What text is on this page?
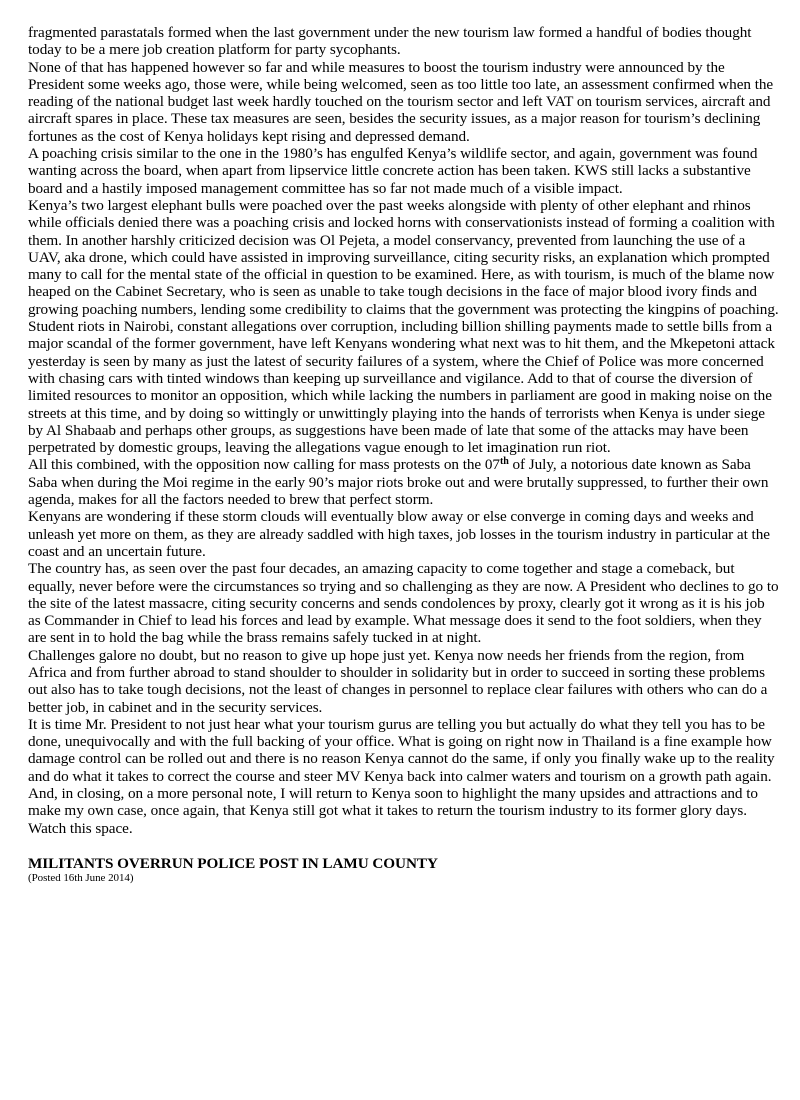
fragmented parastatals formed when the last government under the new tourism law formed a handful of bodies thought today to be a mere job creation platform for party sycophants.

None of that has happened however so far and while measures to boost the tourism industry were announced by the President some weeks ago, those were, while being welcomed, seen as too little too late, an assessment confirmed when the reading of the national budget last week hardly touched on the tourism sector and left VAT on tourism services, aircraft and aircraft spares in place. These tax measures are seen, besides the security issues, as a major reason for tourism’s declining fortunes as the cost of Kenya holidays kept rising and depressed demand.

A poaching crisis similar to the one in the 1980’s has engulfed Kenya’s wildlife sector, and again, government was found wanting across the board, when apart from lipservice little concrete action has been taken. KWS still lacks a substantive board and a hastily imposed management committee has so far not made much of a visible impact.

Kenya’s two largest elephant bulls were poached over the past weeks alongside with plenty of other elephant and rhinos while officials denied there was a poaching crisis and locked horns with conservationists instead of forming a coalition with them. In another harshly criticized decision was Ol Pejeta, a model conservancy, prevented from launching the use of a UAV, aka drone, which could have assisted in improving surveillance, citing security risks, an explanation which prompted many to call for the mental state of the official in question to be examined. Here, as with tourism, is much of the blame now heaped on the Cabinet Secretary, who is seen as unable to take tough decisions in the face of major blood ivory finds and growing poaching numbers, lending some credibility to claims that the government was protecting the kingpins of poaching.

Student riots in Nairobi, constant allegations over corruption, including billion shilling payments made to settle bills from a major scandal of the former government, have left Kenyans wondering what next was to hit them, and the Mkepetoni attack yesterday is seen by many as just the latest of security failures of a system, where the Chief of Police was more concerned with chasing cars with tinted windows than keeping up surveillance and vigilance. Add to that of course the diversion of limited resources to monitor an opposition, which while lacking the numbers in parliament are good in making noise on the streets at this time, and by doing so wittingly or unwittingly playing into the hands of terrorists when Kenya is under siege by Al Shabaab and perhaps other groups, as suggestions have been made of late that some of the attacks may have been perpetrated by domestic groups, leaving the allegations vague enough to let imagination run riot.

All this combined, with the opposition now calling for mass protests on the 07th of July, a notorious date known as Saba Saba when during the Moi regime in the early 90’s major riots broke out and were brutally suppressed, to further their own agenda, makes for all the factors needed to brew that perfect storm.

Kenyans are wondering if these storm clouds will eventually blow away or else converge in coming days and weeks and unleash yet more on them, as they are already saddled with high taxes, job losses in the tourism industry in particular at the coast and an uncertain future.

The country has, as seen over the past four decades, an amazing capacity to come together and stage a comeback, but equally, never before were the circumstances so trying and so challenging as they are now. A President who declines to go to the site of the latest massacre, citing security concerns and sends condolences by proxy, clearly got it wrong as it is his job as Commander in Chief to lead his forces and lead by example. What message does it send to the foot soldiers, when they are sent in to hold the bag while the brass remains safely tucked in at night.

Challenges galore no doubt, but no reason to give up hope just yet. Kenya now needs her friends from the region, from Africa and from further abroad to stand shoulder to shoulder in solidarity but in order to succeed in sorting these problems out also has to take tough decisions, not the least of changes in personnel to replace clear failures with others who can do a better job, in cabinet and in the security services.

It is time Mr. President to not just hear what your tourism gurus are telling you but actually do what they tell you has to be done, unequivocally and with the full backing of your office. What is going on right now in Thailand is a fine example how damage control can be rolled out and there is no reason Kenya cannot do the same, if only you finally wake up to the reality and do what it takes to correct the course and steer MV Kenya back into calmer waters and tourism on a growth path again.

And, in closing, on a more personal note, I will return to Kenya soon to highlight the many upsides and attractions and to make my own case, once again, that Kenya still got what it takes to return the tourism industry to its former glory days. Watch this space.

MILITANTS OVERRUN POLICE POST IN LAMU COUNTY

(Posted 16th June 2014)
